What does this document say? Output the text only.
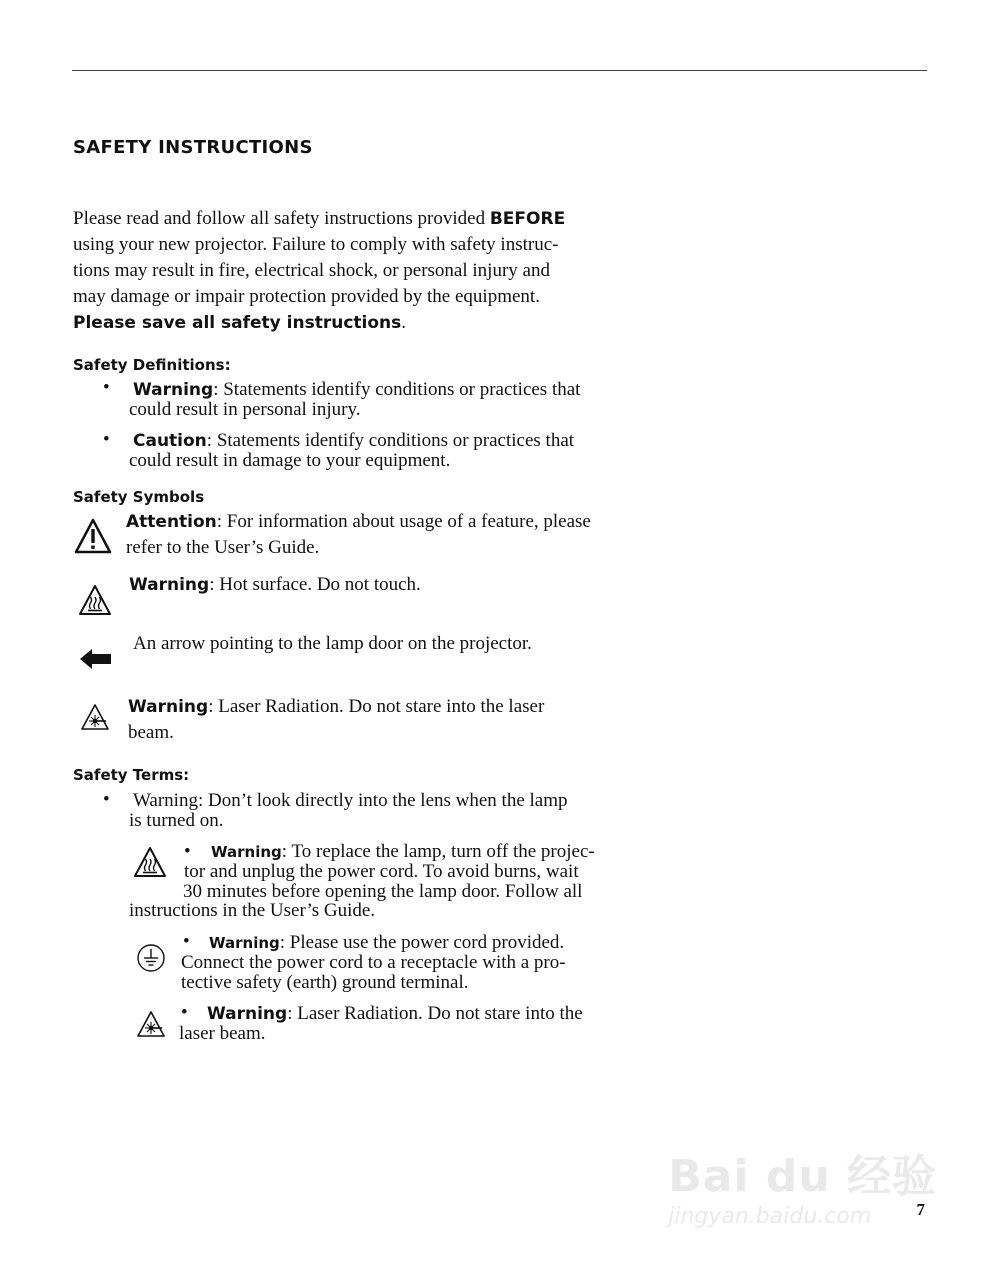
SAFETY INSTRUCTIONS
Please read and follow all safety instructions provided BEFORE
using your new projector. Failure to comply with safety instruc-
tions may result in fire, electrical shock, or personal injury and
may damage or impair protection provided by the equipment.
Please save all safety instructions.
Safety Definitions:
• Warning: Statements identify conditions or practices that
could result in personal injury.
• Caution: Statements identify conditions or practices that
could result in damage to your equipment.
Safety Symbols
Attention: For information about usage of a feature, please
refer to the User’s Guide.
Warning: Hot surface. Do not touch.
An arrow pointing to the lamp door on the projector.
Warning: Laser Radiation. Do not stare into the laser
beam.
Safety Terms:
• Warning: Don’t look directly into the lens when the lamp
is turned on.
• Warning: To replace the lamp, turn off the projec-
tor and unplug the power cord. To avoid burns, wait
30 minutes before opening the lamp door. Follow all
instructions in the User’s Guide.
• Warning: Please use the power cord provided.
Connect the power cord to a receptacle with a pro-
tective safety (earth) ground terminal.
• Warning: Laser Radiation. Do not stare into the
laser beam.
Bai du 经验
jingyan.baidu.com	7
